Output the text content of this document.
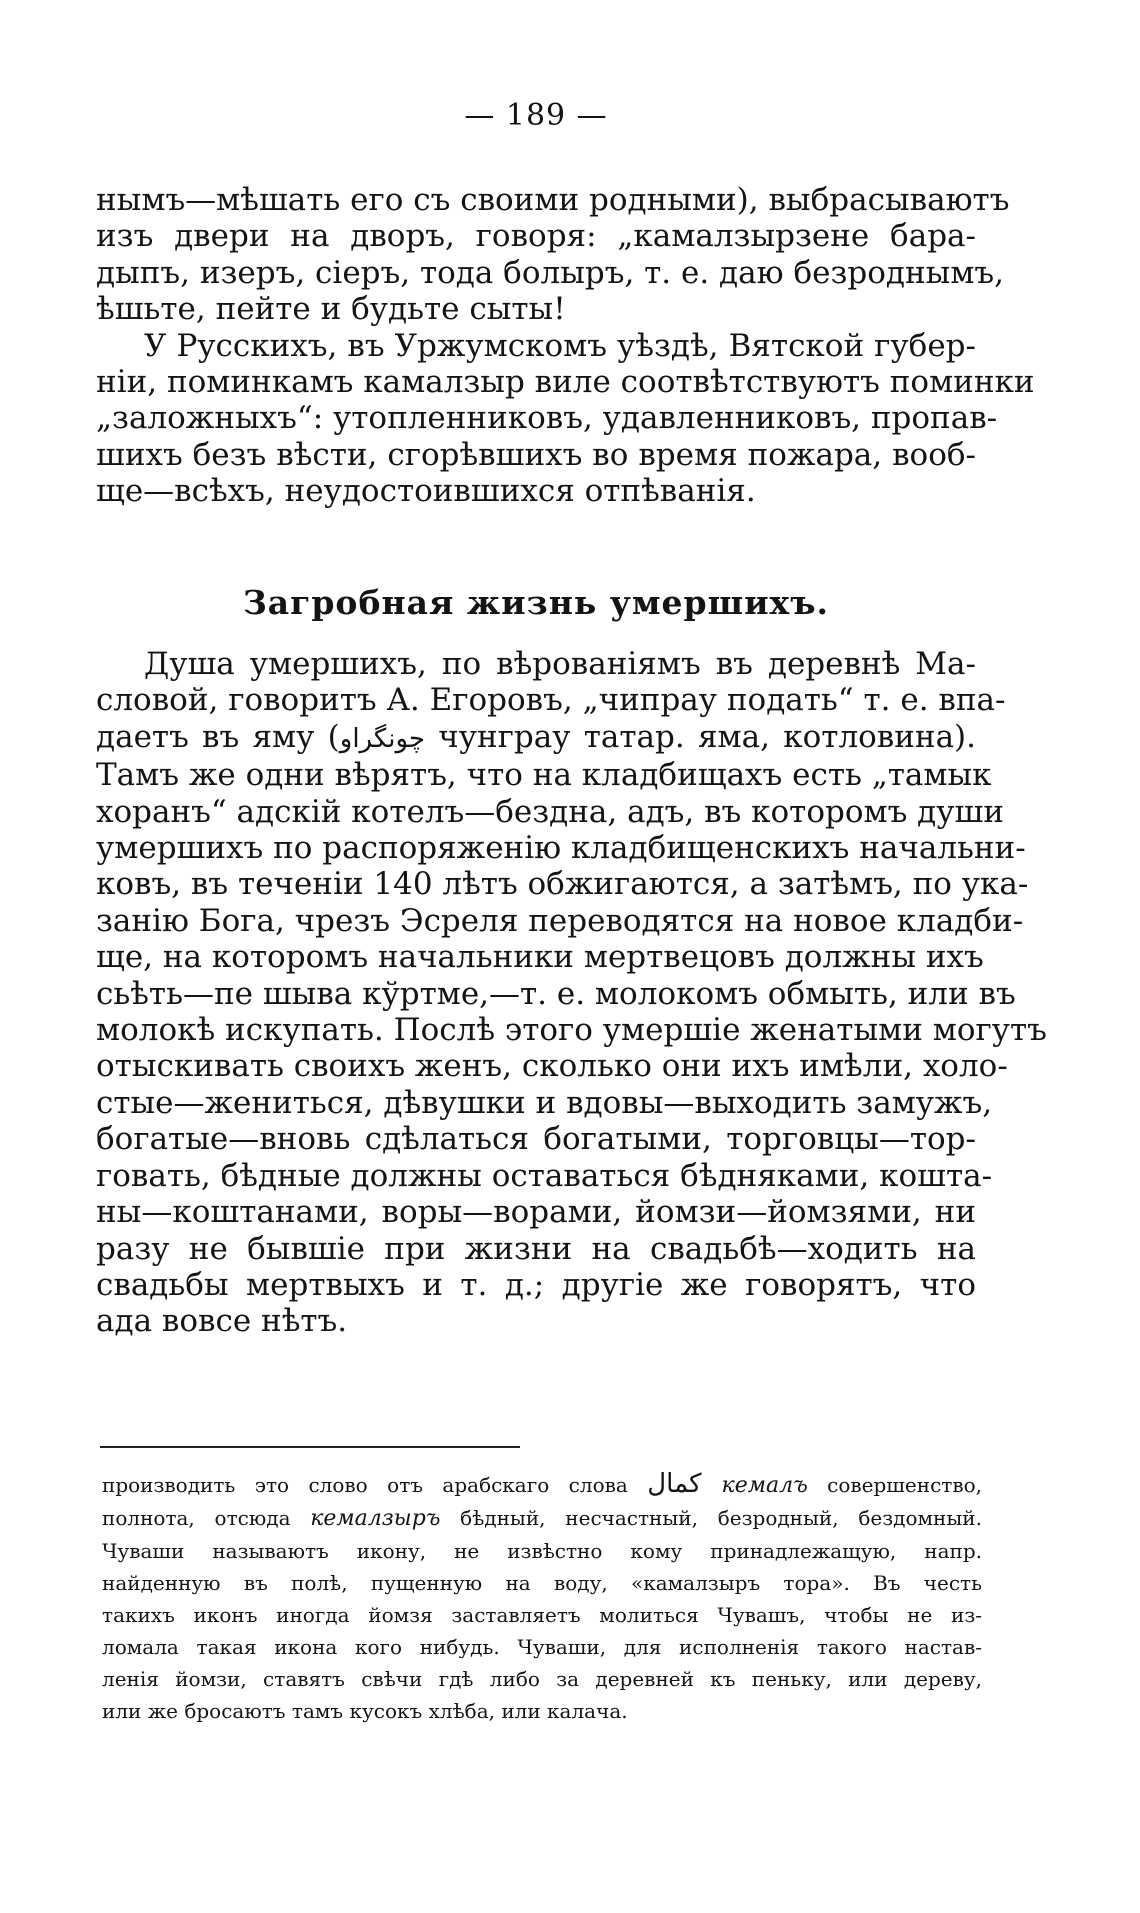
— 189 —
нымъ—мѣшать его съ своими родными), выбрасываютъ
изъ двери на дворъ, говоря: „камалзырзене бара-
дыпъ, изеръ, сіеръ, тода болыръ, т. е. даю безроднымъ,
ѣшьте, пейте и будьте сыты!
У Русскихъ, въ Уржумскомъ уѣздѣ, Вятской губер-
ніи, поминкамъ камалзыр виле соотвѣтствуютъ поминки
„заложныхъ“: утопленниковъ, удавленниковъ, пропав-
шихъ безъ вѣсти, сгорѣвшихъ во время пожара, вооб-
ще—всѣхъ, неудостоившихся отпѣванія.
Загробная жизнь умершихъ.
Душа умершихъ, по вѣрованіямъ въ деревнѣ Ма-
словой, говоритъ А. Егоровъ, „чипрау подать“ т. е. впа-
даетъ въ яму (چونگراو чунграу татар. яма, котловина).
Тамъ же одни вѣрятъ, что на кладбищахъ есть „тамык
хоранъ“ адскій котелъ—бездна, адъ, въ которомъ души
умершихъ по распоряженію кладбищенскихъ начальни-
ковъ, въ теченіи 140 лѣтъ обжигаются, а затѣмъ, по ука-
занію Бога, чрезъ Эсреля переводятся на новое кладби-
ще, на которомъ начальники мертвецовъ должны ихъ
сьѣть—пе шыва кўртме,—т. е. молокомъ обмыть, или въ
молокѣ искупать. Послѣ этого умершіе женатыми могутъ
отыскивать своихъ женъ, сколько они ихъ имѣли, холо-
стые—жениться, дѣвушки и вдовы—выходить замужъ,
богатые—вновь сдѣлаться богатыми, торговцы—тор-
говать, бѣдные должны оставаться бѣдняками, кошта-
ны—коштанами, воры—ворами, йомзи—йомзями, ни
разу не бывшіе при жизни на свадьбѣ—ходить на
свадьбы мертвыхъ и т. д.; другіе же говорятъ, что
ада вовсе нѣтъ.
производить это слово отъ арабскаго слова كمال кемалъ совершенство,
полнота, отсюда кемалзыръ бѣдный, несчастный, безродный, бездомный.
Чуваши называютъ икону, не извѣстно кому принадлежащую, напр.
найденную въ полѣ, пущенную на воду, «камалзыръ тора». Въ честь
такихъ иконъ иногда йомзя заставляетъ молиться Чувашъ, чтобы не из-
ломала такая икона кого нибудь. Чуваши, для исполненія такого настав-
ленія йомзи, ставятъ свѣчи гдѣ либо за деревней къ пеньку, или дереву,
или же бросаютъ тамъ кусокъ хлѣба, или калача.
